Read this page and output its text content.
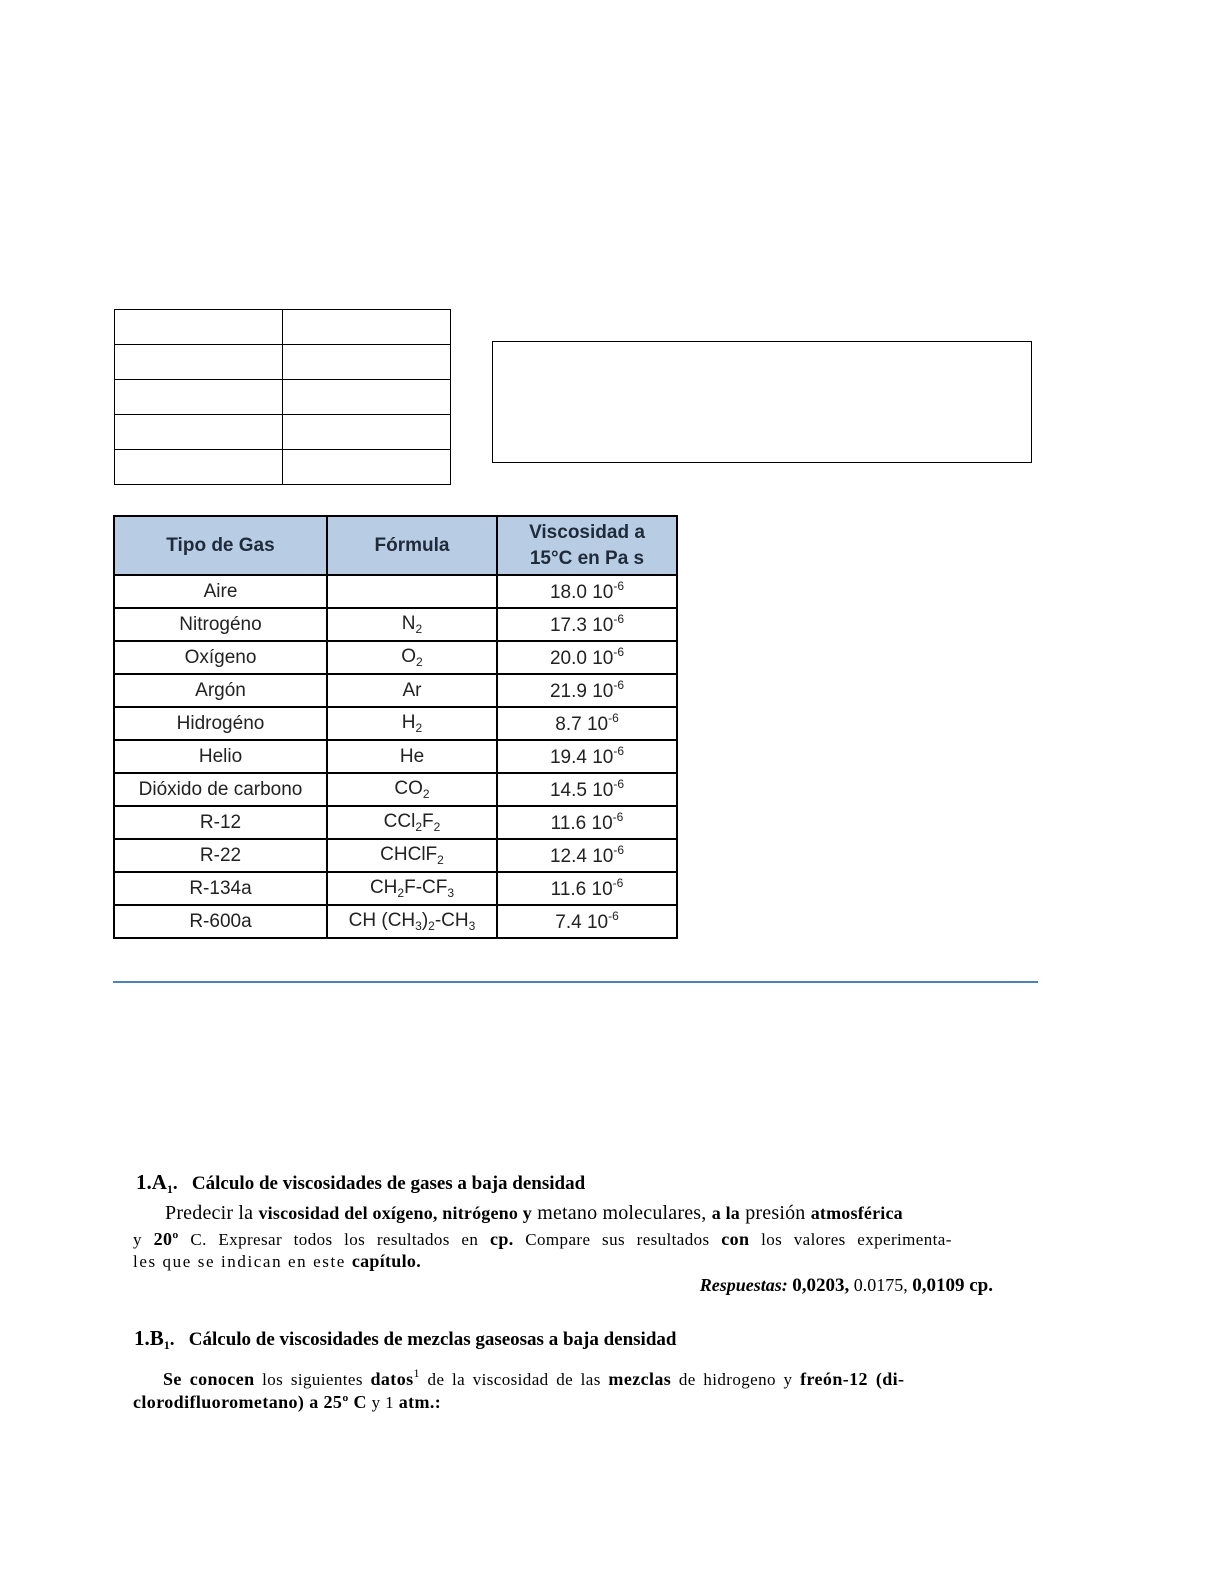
Tipo de Gas	Fórmula	Viscosidad a
15°C en Pa s
Aire		18.0 $10^{-6}$
Nitrogéno	$N_2$	17.3 $10^{-6}$
Oxígeno	$O_2$	20.0 $10^{-6}$
Argón	Ar	21.9 $10^{-6}$
Hidrogéno	$H_2$	8.7 $10^{-6}$
Helio	He	19.4 $10^{-6}$
Dióxido de carbono	$CO_2$	14.5 $10^{-6}$
R-12	$CCl_2F_2$	11.6 $10^{-6}$
R-22	CHClF$_2$	12.4 $10^{-6}$
R-134a	$CH_2F-CF_3$	11.6 $10^{-6}$
R-600a	CH $(CH_3)_2-CH_3$	7.4 $10^{-6}$
$1.A_1$.   Cálculo de viscosidades de gases a baja densidad
Predecir la viscosidad del oxígeno, nitrógeno y metano moleculares, a la presión atmosférica
y 20º C. Expresar todos los resultados en cp. Compare sus resultados con los valores experimenta-
les que se indican en este capítulo.
Respuestas: 0,0203, 0.0175, 0,0109 cp.
$1.B_1$.   Cálculo de viscosidades de mezclas gaseosas a baja densidad
Se conocen los siguientes datos$^1$ de la viscosidad de las mezclas de hidrogeno y freón-12 (di-
clorodifluorometano) a 25º C y 1 atm.:
